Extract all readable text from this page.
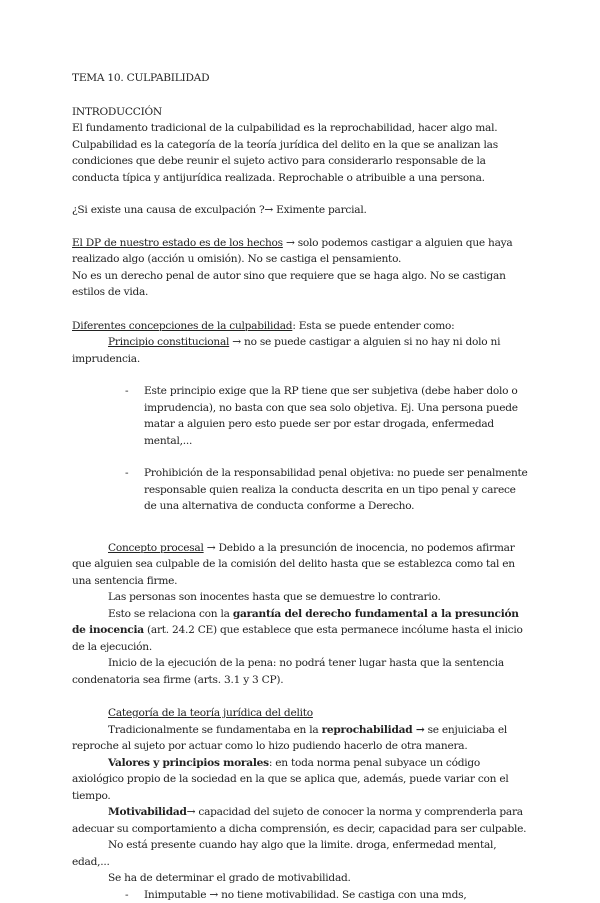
TEMA 10. CULPABILIDAD

INTRODUCCIÓN

El fundamento tradicional de la culpabilidad es la reprochabilidad, hacer algo mal.

Culpabilidad es la categoría de la teoría jurídica del delito en la que se analizan las condiciones que debe reunir el sujeto activo para considerarlo responsable de la conducta típica y antijurídica realizada. Reprochable o atribuible a una persona.

¿Si existe una causa de exculpación ?→ Eximente parcial.

El DP de nuestro estado es de los hechos → solo podemos castigar a alguien que haya realizado algo (acción u omisión). No se castiga el pensamiento.

No es un derecho penal de autor sino que requiere que se haga algo. No se castigan estilos de vida.

Diferentes concepciones de la culpabilidad: Esta se puede entender como:

Principio constitucional → no se puede castigar a alguien si no hay ni dolo ni imprudencia.

- Este principio exige que la RP tiene que ser subjetiva (debe haber dolo o imprudencia), no basta con que sea solo objetiva. Ej. Una persona puede matar a alguien pero esto puede ser por estar drogada, enfermedad mental,...
- Prohibición de la responsabilidad penal objetiva: no puede ser penalmente responsable quien realiza la conducta descrita en un tipo penal y carece de una alternativa de conducta conforme a Derecho.

Concepto procesal → Debido a la presunción de inocencia, no podemos afirmar que alguien sea culpable de la comisión del delito hasta que se establezca como tal en una sentencia firme.

Las personas son inocentes hasta que se demuestre lo contrario.

Esto se relaciona con la garantía del derecho fundamental a la presunción de inocencia (art. 24.2 CE) que establece que esta permanece incólume hasta el inicio de la ejecución.

Inicio de la ejecución de la pena: no podrá tener lugar hasta que la sentencia condenatoria sea firme (arts. 3.1 y 3 CP).

Categoría de la teoría jurídica del delito

Tradicionalmente se fundamentaba en la reprochabilidad → se enjuiciaba el reproche al sujeto por actuar como lo hizo pudiendo hacerlo de otra manera.

Valores y principios morales: en toda norma penal subyace un código axiológico propio de la sociedad en la que se aplica que, además, puede variar con el tiempo.

Motivabilidad→ capacidad del sujeto de conocer la norma y comprenderla para adecuar su comportamiento a dicha comprensión, es decir, capacidad para ser culpable.

No está presente cuando hay algo que la limite. droga, enfermedad mental, edad,...

Se ha de determinar el grado de motivabilidad.

- Inimputable → no tiene motivabilidad. Se castiga con una mds,
